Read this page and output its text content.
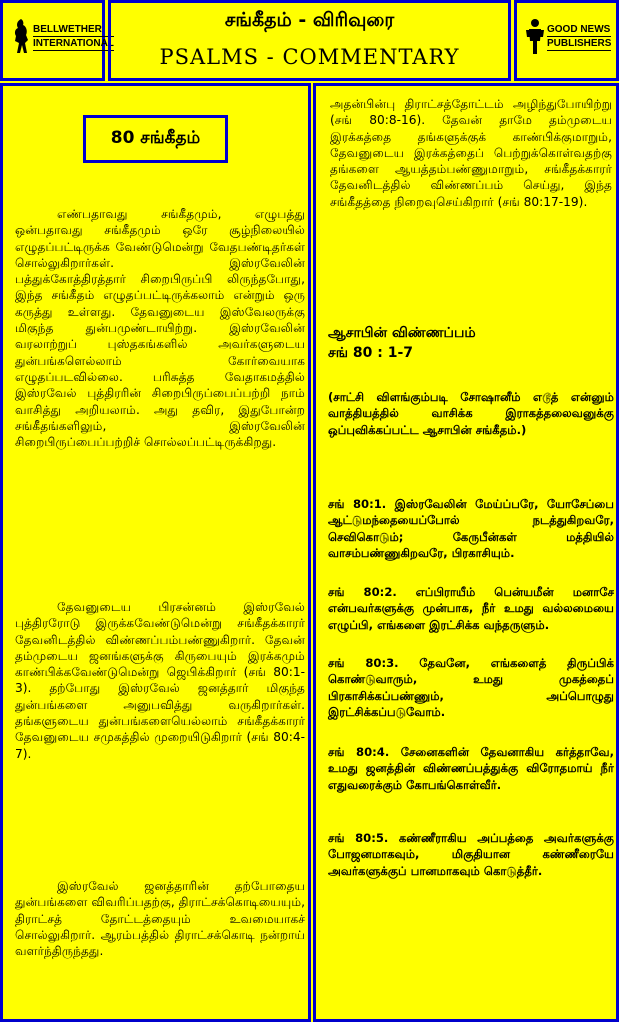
BELLWETHER
INTERNATIONAL
சங்கீதம் - விரிவுரை
PSALMS - COMMENTARY
GOOD NEWS
PUBLISHERS
80 சங்கீதம்

எண்பதாவது சங்கீதமும், எழுபத்து ஒன்பதாவது சங்கீதமும் ஒரே சூழ்நிலையில் எழுதப்பட்டிருக்க வேண்டுமென்று வேதபண்டிதர்கள் சொல்லுகிறார்கள். இஸ்ரவேலின் பத்துக்கோத்திரத்தார் சிறைபிருப்பி லிருந்தபோது, இந்த சங்கீதம் எழுதப்பட்டிருக்கலாம் என்றும் ஒரு கருத்து உள்ளது. தேவனுடைய இஸ்வேலருக்கு மிகுந்த துன்பமுண்டாயிற்று. இஸ்ரவேலின் வரலாற்றுப் புஸ்தகங்களில் அவர்களுடைய துன்பங்களெல்லாம் கோர்வையாக எழுதப்படவில்லை. பரிசுத்த வேதாகமத்தில் இஸ்ரவேல் புத்திரரின் சிறைபிருப்பைப்பற்றி நாம் வாசித்து அறியலாம். அது தவிர, இதுபோன்ற சங்கீதங்களிலும், இஸ்ரவேலின் சிறைபிருப்பைப்பற்றிச் சொல்லப்பட்டிருக்கிறது.

தேவனுடைய பிரசன்னம் இஸ்ரவேல் புத்திரரோடு இருக்கவேண்டுமென்று சங்கீதக்காரர் தேவனிடத்தில் விண்ணப்பம்பண்ணுகிறார். தேவன் தம்முடைய ஜனங்களுக்கு கிருபையும் இரக்கமும் காண்பிக்கவேண்டுமென்று ஜெபிக்கிறார் (சங் 80:1-3). தற்போது இஸ்ரவேல் ஜனத்தார் மிகுந்த துன்பங்களை அனுபவித்து வருகிறார்கள். தங்களுடைய துன்பங்களையெல்லாம் சங்கீதக்காரர் தேவனுடைய சமுகத்தில் முறையிடுகிறார் (சங் 80:4-7).

இஸ்ரவேல் ஜனத்தாரின் தற்போதைய துன்பங்களை விவரிப்பதற்கு, திராட்சக்கொடியையும், திராட்சத் தோட்டத்தையும் உவமையாகச் சொல்லுகிறார். ஆரம்பத்தில் திராட்சக்கொடி நன்றாய் வளர்ந்திருந்தது.

அதன்பின்பு திராட்சத்தோட்டம் அழிந்துபோயிற்று (சங் 80:8-16). தேவன் தாமே தம்முடைய இரக்கத்தை தங்களுக்குக் காண்பிக்குமாறும், தேவனுடைய இரக்கத்தைப் பெற்றுக்கொள்வதற்கு தங்களை ஆயத்தம்பண்ணுமாறும், சங்கீதக்காரர் தேவனிடத்தில் விண்ணப்பம் செய்து, இந்த சங்கீதத்தை நிறைவுசெய்கிறார் (சங் 80:17-19).
ஆசாபின் விண்ணப்பம்
சங் 80 : 1-7
(சாட்சி விளங்கும்படி சோஷானீம் எடூத் என்னும் வாத்தியத்தில் வாசிக்க இராகத்தலைவனுக்கு ஒப்புவிக்கப்பட்ட ஆசாபின் சங்கீதம்.)
சங் 80:1. இஸ்ரவேலின் மேய்ப்பரே, யோசேப்பை ஆட்டுமந்தையைப்போல் நடத்துகிறவரே, செவிகொடும்; கேருபீன்கள் மத்தியில் வாசம்பண்ணுகிறவரே, பிரகாசியும்.
சங் 80:2. எப்பிராயீம் பென்யமீன் மனாசே என்பவர்களுக்கு முன்பாக, நீர் உமது வல்லமையை எழுப்பி, எங்களை இரட்சிக்க வந்தருளும்.
சங் 80:3. தேவனே, எங்களைத் திருப்பிக் கொண்டுவாரும், உமது முகத்தைப் பிரகாசிக்கப்பண்ணும், அப்பொழுது இரட்சிக்கப்படுவோம்.
சங் 80:4. சேனைகளின் தேவனாகிய கர்த்தாவே, உமது ஜனத்தின் விண்ணப்பத்துக்கு விரோதமாய் நீர் எதுவரைக்கும் கோபங்கொள்வீர்.
சங் 80:5. கண்ணீராகிய அப்பத்தை அவர்களுக்கு போஜனமாகவும், மிகுதியான கண்ணீரையே அவர்களுக்குப் பானமாகவும் கொடுத்தீர்.
